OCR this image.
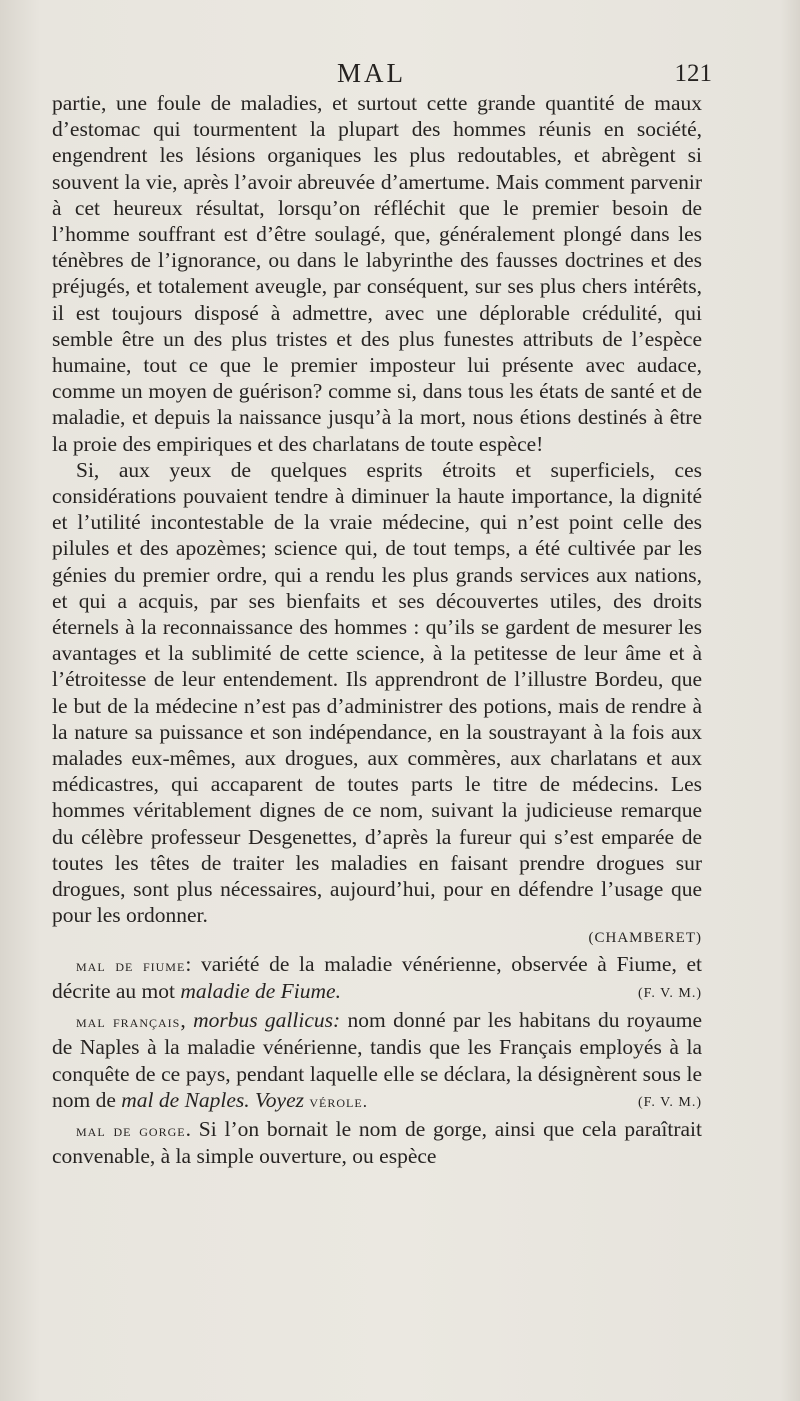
MAL	121

partie, une foule de maladies, et surtout cette grande quantité de maux d’estomac qui tourmentent la plupart des hommes réunis en société, engendrent les lésions organiques les plus redoutables, et abrègent si souvent la vie, après l’avoir abreuvée d’amertume. Mais comment parvenir à cet heureux résultat, lorsqu’on réfléchit que le premier besoin de l’homme souffrant est d’être soulagé, que, généralement plongé dans les ténèbres de l’ignorance, ou dans le labyrinthe des fausses doctrines et des préjugés, et totalement aveugle, par conséquent, sur ses plus chers intérêts, il est toujours disposé à admettre, avec une déplorable crédulité, qui semble être un des plus tristes et des plus funestes attributs de l’espèce humaine, tout ce que le premier imposteur lui présente avec audace, comme un moyen de guérison? comme si, dans tous les états de santé et de maladie, et depuis la naissance jusqu’à la mort, nous étions destinés à être la proie des empiriques et des charlatans de toute espèce!

Si, aux yeux de quelques esprits étroits et superficiels, ces considérations pouvaient tendre à diminuer la haute importance, la dignité et l’utilité incontestable de la vraie médecine, qui n’est point celle des pilules et des apozèmes; science qui, de tout temps, a été cultivée par les génies du premier ordre, qui a rendu les plus grands services aux nations, et qui a acquis, par ses bienfaits et ses découvertes utiles, des droits éternels à la reconnaissance des hommes : qu’ils se gardent de mesurer les avantages et la sublimité de cette science, à la petitesse de leur âme et à l’étroitesse de leur entendement. Ils apprendront de l’illustre Bordeu, que le but de la médecine n’est pas d’administrer des potions, mais de rendre à la nature sa puissance et son indépendance, en la soustrayant à la fois aux malades eux-mêmes, aux drogues, aux commères, aux charlatans et aux médicastres, qui accaparent de toutes parts le titre de médecins. Les hommes véritablement dignes de ce nom, suivant la judicieuse remarque du célèbre professeur Desgenettes, d’après la fureur qui s’est emparée de toutes les têtes de traiter les maladies en faisant prendre drogues sur drogues, sont plus nécessaires, aujourd’hui, pour en défendre l’usage que pour les ordonner.

(CHAMBERET)

mal de fiume: variété de la maladie vénérienne, observée à Fiume, et décrite au mot maladie de Fiume.	(F. V. M.)

mal français, morbus gallicus: nom donné par les habitans du royaume de Naples à la maladie vénérienne, tandis que les Français employés à la conquête de ce pays, pendant laquelle elle se déclara, la désignèrent sous le nom de mal de Naples. Voyez vérole.	(F. V. M.)

mal de gorge. Si l’on bornait le nom de gorge, ainsi que cela paraîtrait convenable, à la simple ouverture, ou espèce
